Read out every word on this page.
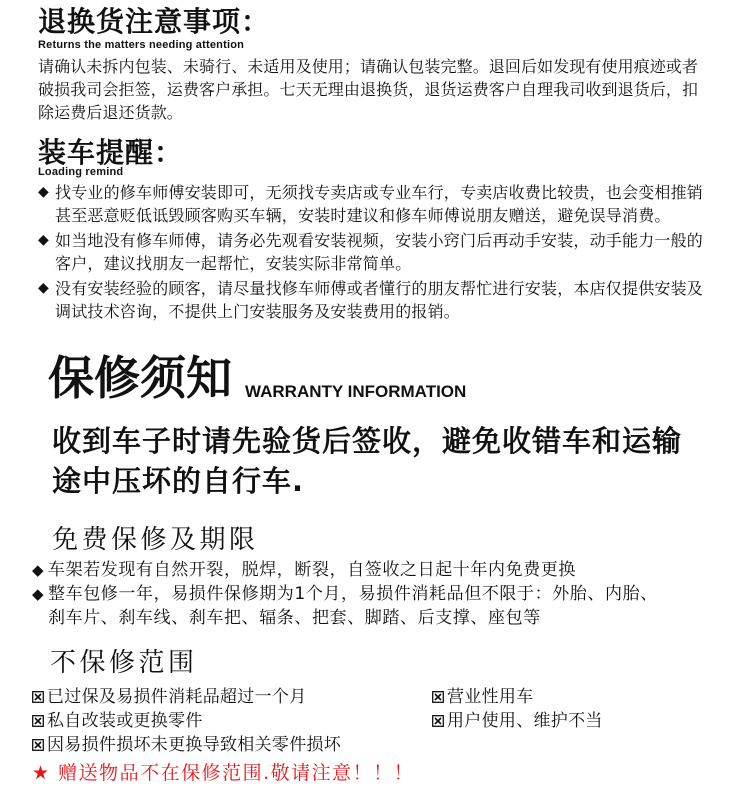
退换货注意事项：
Returns the matters needing attention
请确认未拆内包装、未骑行、未适用及使用；请确认包装完整。退回后如发现有使用痕迹或者
破损我司会拒签，运费客户承担。七天无理由退换货，退货运费客户自理我司收到退货后，扣
除运费后退还货款。
装车提醒：
Loading remind
◆ 找专业的修车师傅安装即可，无须找专卖店或专业车行，专卖店收费比较贵，也会变相推销
甚至恶意贬低诋毁顾客购买车辆，安装时建议和修车师傅说朋友赠送，避免误导消费。
◆ 如当地没有修车师傅，请务必先观看安装视频，安装小窍门后再动手安装，动手能力一般的
客户，建议找朋友一起帮忙，安装实际非常简单。
◆ 没有安装经验的顾客，请尽量找修车师傅或者懂行的朋友帮忙进行安装，本店仅提供安装及
调试技术咨询，不提供上门安装服务及安装费用的报销。
保修须知 WARRANTY INFORMATION
收到车子时请先验货后签收，避免收错车和运输
途中压坏的自行车.
免费保修及期限
◆ 车架若发现有自然开裂，脱焊，断裂，自签收之日起十年内免费更换
◆ 整车包修一年，易损件保修期为1个月，易损件消耗品但不限于：外胎、内胎、
刹车片、刹车线、刹车把、辐条、把套、脚踏、后支撑、座包等
不保修范围
已过保及易损件消耗品超过一个月
私自改装或更换零件
因易损件损坏未更换导致相关零件损坏
营业性用车
用户使用、维护不当
★ 赠送物品不在保修范围.敬请注意！！！
